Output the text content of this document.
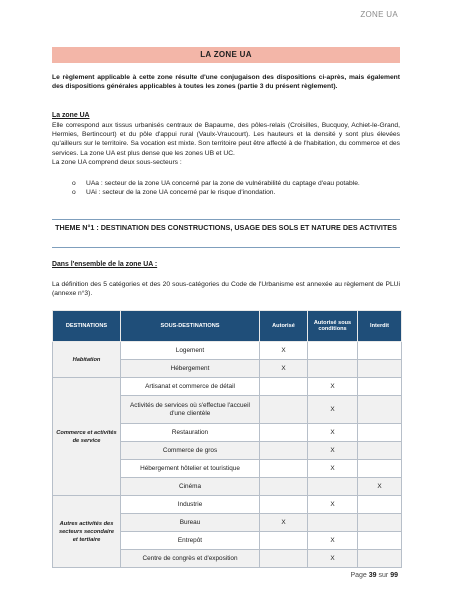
ZONE UA
LA ZONE UA
Le règlement applicable à cette zone résulte d'une conjugaison des dispositions ci-après, mais également des dispositions générales applicables à toutes les zones (partie 3 du présent règlement).
La zone UA
Elle correspond aux tissus urbanisés centraux de Bapaume, des pôles-relais (Croisilles, Bucquoy, Achiet-le-Grand, Hermies, Bertincourt) et du pôle d'appui rural (Vaulx-Vraucourt). Les hauteurs et la densité y sont plus élevées qu'ailleurs sur le territoire. Sa vocation est mixte. Son territoire peut être affecté à de l'habitation, du commerce et des services. La zone UA est plus dense que les zones UB et UC.
La zone UA comprend deux sous-secteurs :
o	UAa : secteur de la zone UA concerné par la zone de vulnérabilité du captage d'eau potable.
o	UAi : secteur de la zone UA concerné par le risque d'inondation.
THEME N°1 : DESTINATION DES CONSTRUCTIONS, USAGE DES SOLS ET NATURE DES ACTIVITES
Dans l'ensemble de la zone UA :
La définition des 5 catégories et des 20 sous-catégories du Code de l'Urbanisme est annexée au règlement de PLUi (annexe n°3).
DESTINATIONS	SOUS-DESTINATIONS	Autorisé	Autorisé sous conditions	Interdit
Habitation	Logement	X		
	Hébergement	X		
Commerce et activités de service	Artisanat et commerce de détail		X	
	Activités de services où s'effectue l'accueil d'une clientèle		X	
	Restauration		X	
	Commerce de gros		X	
	Hébergement hôtelier et touristique		X	
	Cinéma			X
Autres activités des secteurs secondaire et tertiaire	Industrie		X	
	Bureau	X		
	Entrepôt		X	
	Centre de congrès et d'exposition		X	
Page 39 sur 99
